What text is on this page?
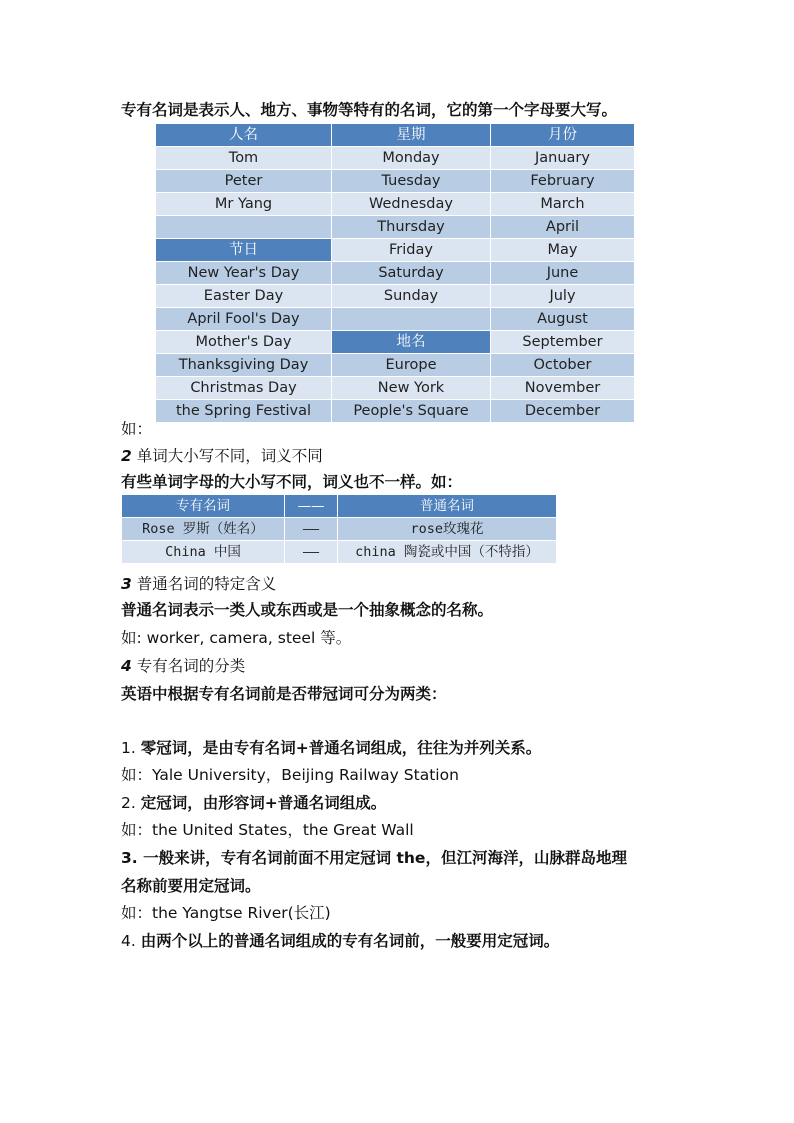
专有名词是表示人、地方、事物等特有的名词，它的第一个字母要大写。
人名	星期	月份
Tom	Monday	January
Peter	Tuesday	February
Mr Yang	Wednesday	March
	Thursday	April
节日	Friday	May
New Year's Day	Saturday	June
Easter Day	Sunday	July
April Fool's Day		August
Mother's Day	地名	September
Thanksgiving Day	Europe	October
Christmas Day	New York	November
the Spring Festival	People's Square	December
如：
2 单词大小写不同，词义不同
有些单词字母的大小写不同，词义也不一样。如：
专有名词	——	普通名词
Rose 罗斯（姓名）	——	rose玫瑰花
China 中国	——	china 陶瓷或中国（不特指）
3 普通名词的特定含义
普通名词表示一类人或东西或是一个抽象概念的名称。
如: worker, camera, steel 等。
4 专有名词的分类
英语中根据专有名词前是否带冠词可分为两类：
1. 零冠词，是由专有名词+普通名词组成，往往为并列关系。
如：Yale University，Beijing Railway Station
2. 定冠词，由形容词+普通名词组成。
如：the United States，the Great Wall
3. 一般来讲，专有名词前面不用定冠词 the，但江河海洋，山脉群岛地理
名称前要用定冠词。
如：the Yangtse River(长江)
4. 由两个以上的普通名词组成的专有名词前，一般要用定冠词。
